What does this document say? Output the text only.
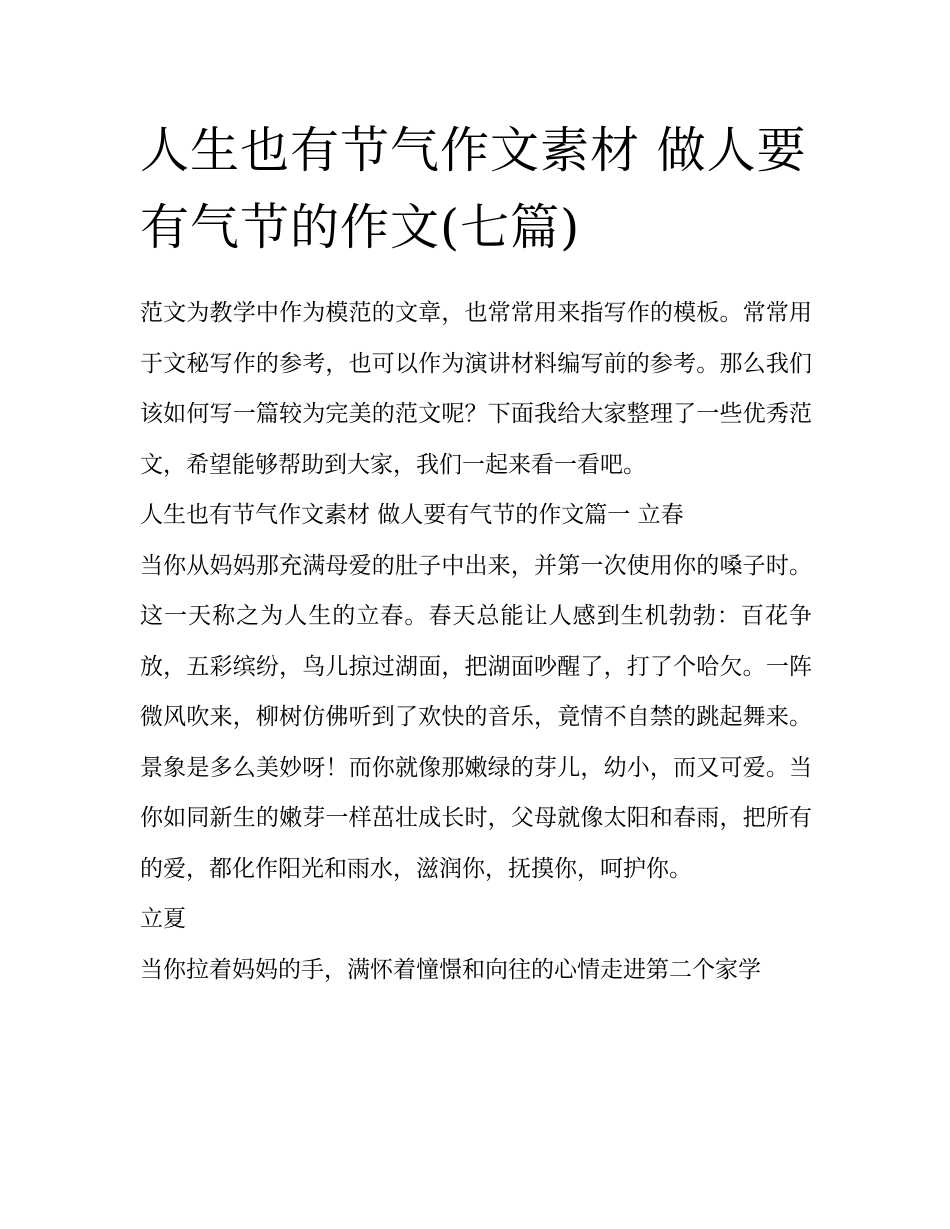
人生也有节气作文素材 做人要有气节的作文(七篇)

范文为教学中作为模范的文章，也常常用来指写作的模板。常常用于文秘写作的参考，也可以作为演讲材料编写前的参考。那么我们该如何写一篇较为完美的范文呢？下面我给大家整理了一些优秀范文，希望能够帮助到大家，我们一起来看一看吧。

人生也有节气作文素材 做人要有气节的作文篇一 立春

当你从妈妈那充满母爱的肚子中出来，并第一次使用你的嗓子时。这一天称之为人生的立春。春天总能让人感到生机勃勃：百花争放，五彩缤纷，鸟儿掠过湖面，把湖面吵醒了，打了个哈欠。一阵微风吹来，柳树仿佛听到了欢快的音乐，竟情不自禁的跳起舞来。景象是多么美妙呀！而你就像那嫩绿的芽儿，幼小，而又可爱。当你如同新生的嫩芽一样茁壮成长时，父母就像太阳和春雨，把所有的爱，都化作阳光和雨水，滋润你，抚摸你，呵护你。

立夏

当你拉着妈妈的手，满怀着憧憬和向往的心情走进第二个家学
